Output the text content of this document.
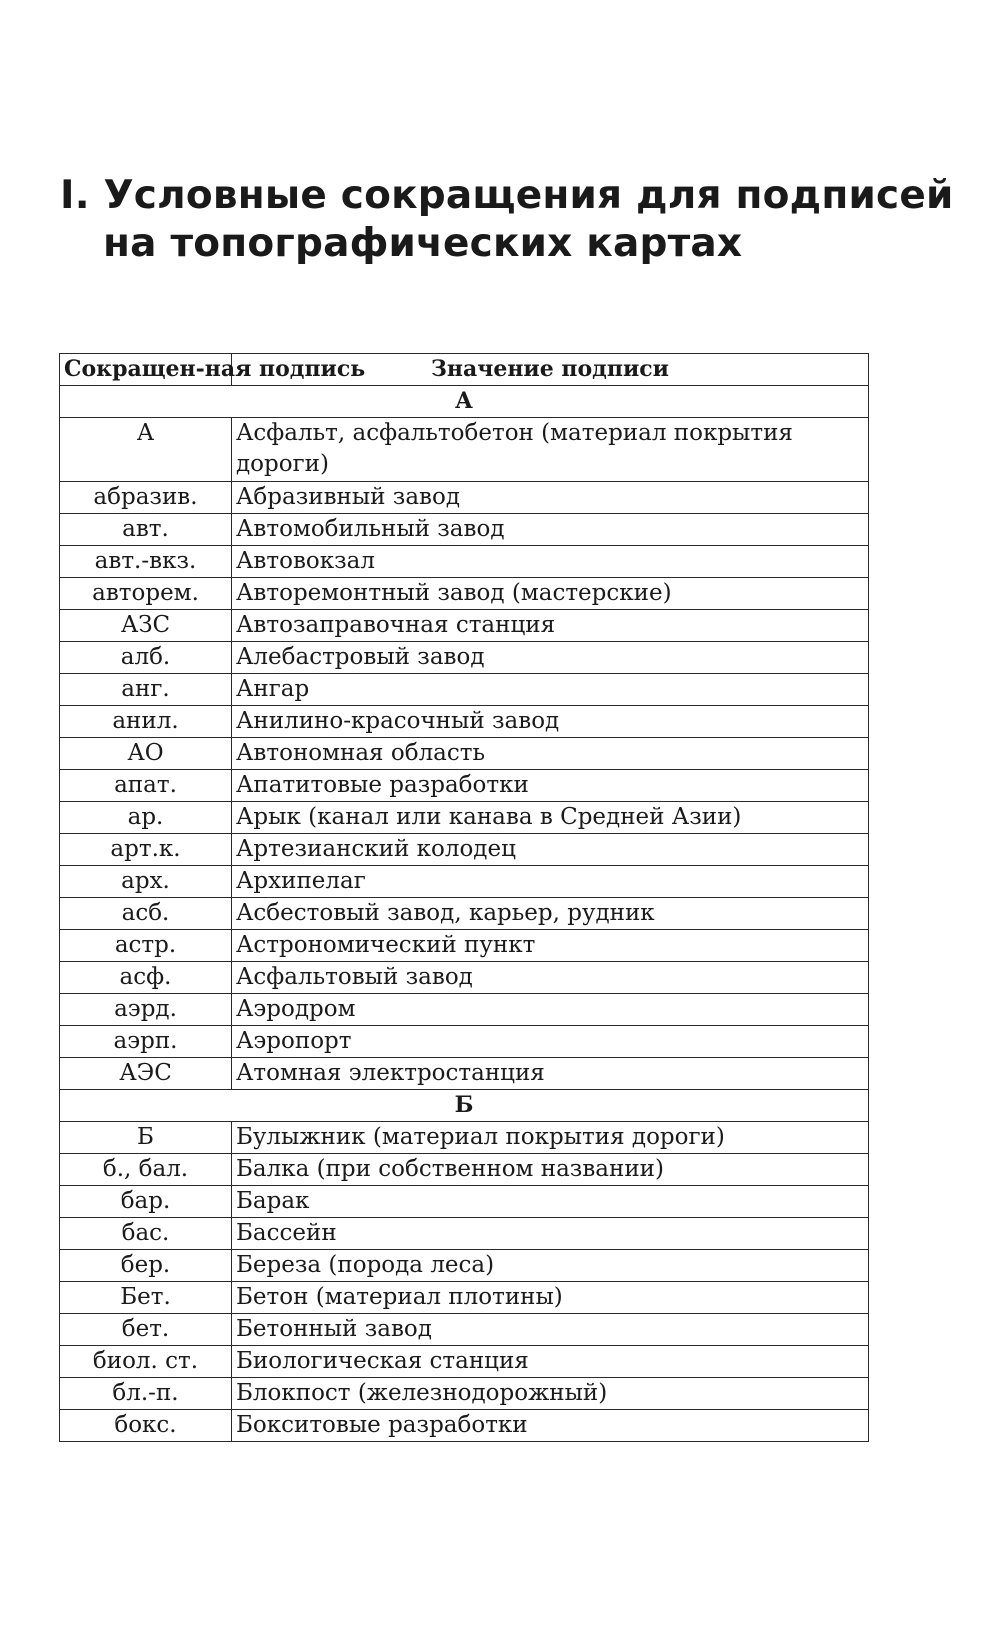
I. Условные сокращения для подписей
на топографических картах
Сокращен-ная подпись	Значение подписи
А	
А	Асфальт, асфальтобетон (материал покрытия дороги)
абразив.	Абразивный завод
авт.	Автомобильный завод
авт.-вкз.	Автовокзал
авторем.	Авторемонтный завод (мастерские)
АЗС	Автозаправочная станция
алб.	Алебастровый завод
анг.	Ангар
анил.	Анилино-красочный завод
АО	Автономная область
апат.	Апатитовые разработки
ар.	Арык (канал или канава в Средней Азии)
арт.к.	Артезианский колодец
арх.	Архипелаг
асб.	Асбестовый завод, карьер, рудник
астр.	Астрономический пункт
асф.	Асфальтовый завод
аэрд.	Аэродром
аэрп.	Аэропорт
АЭС	Атомная электростанция
Б	
Б	Булыжник (материал покрытия дороги)
б., бал.	Балка (при собственном названии)
бар.	Барак
бас.	Бассейн
бер.	Береза (порода леса)
Бет.	Бетон (материал плотины)
бет.	Бетонный завод
биол. ст.	Биологическая станция
бл.-п.	Блокпост (железнодорожный)
бокс.	Бокситовые разработки
